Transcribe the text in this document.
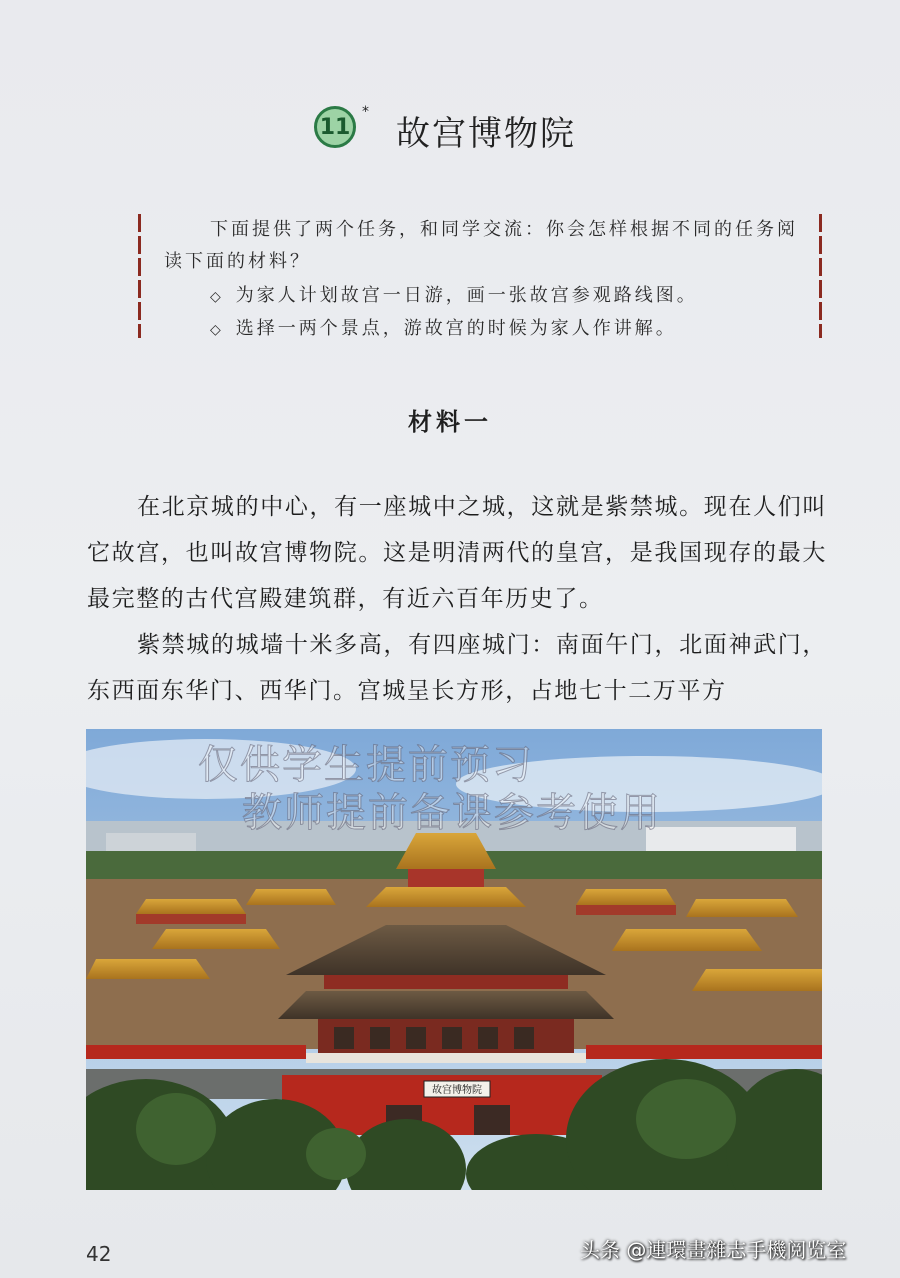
11
*
故宫博物院

下面提供了两个任务，和同学交流：你会怎样根据不同的任务阅读下面的材料？

◇ 为家人计划故宫一日游，画一张故宫参观路线图。
◇ 选择一两个景点，游故宫的时候为家人作讲解。
材料一

在北京城的中心，有一座城中之城，这就是紫禁城。现在人们叫它故宫，也叫故宫博物院。这是明清两代的皇宫，是我国现存的最大最完整的古代宫殿建筑群，有近六百年历史了。

紫禁城的城墙十米多高，有四座城门：南面午门，北面神武门，东西面东华门、西华门。宫城呈长方形，占地七十二万平方

故宫博物院
仅供学生提前预习
教师提前备课参考使用
42	头条 @連環畫雜志手機阅览室
